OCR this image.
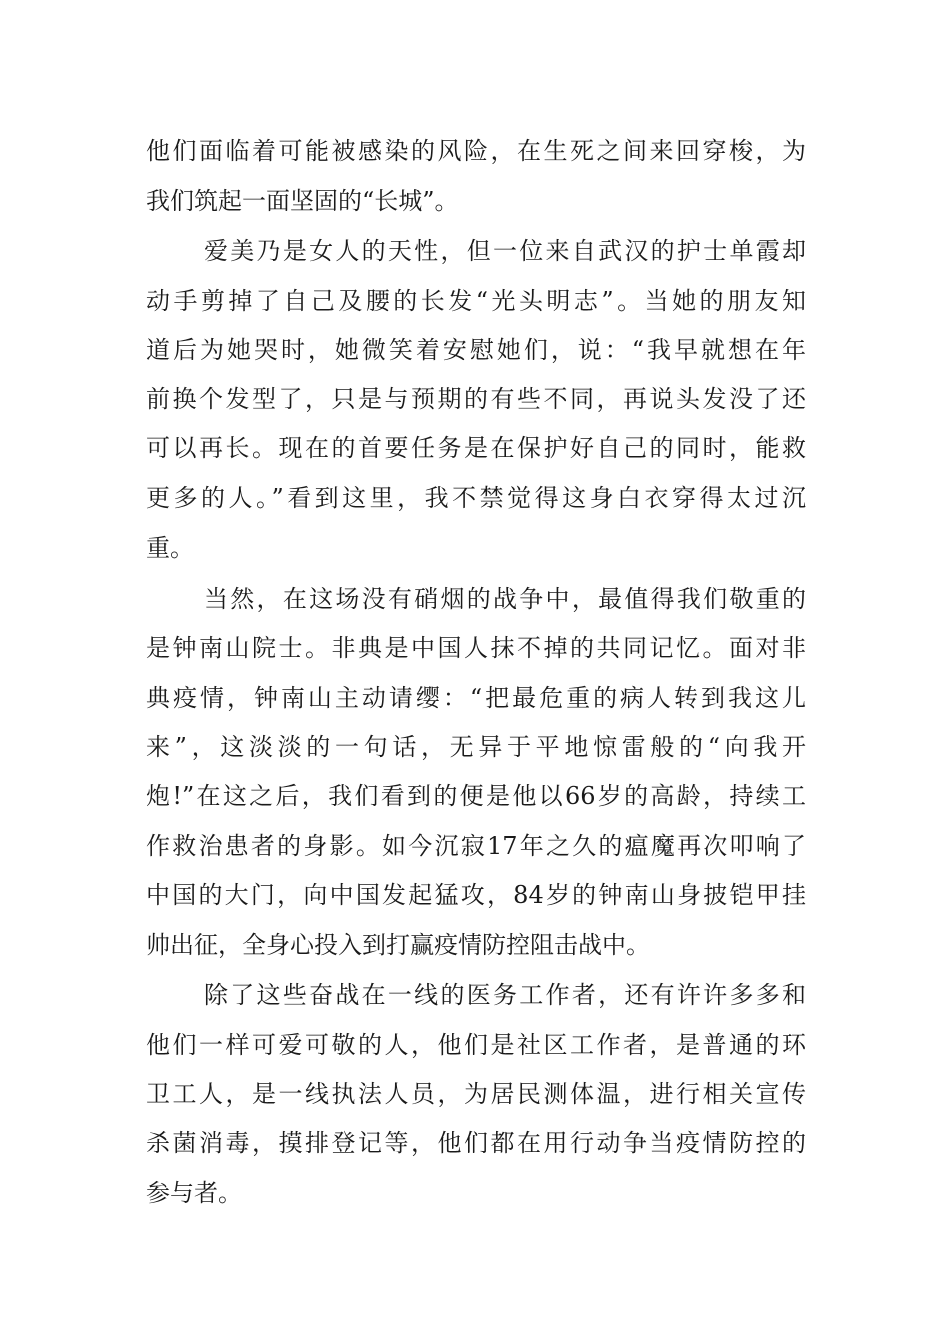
他们面临着可能被感染的风险，在生死之间来回穿梭，为
我们筑起一面坚固的“长城”。
爱美乃是女人的天性，但一位来自武汉的护士单霞却
动手剪掉了自己及腰的长发“光头明志”。当她的朋友知
道后为她哭时，她微笑着安慰她们，说：“我早就想在年
前换个发型了，只是与预期的有些不同，再说头发没了还
可以再长。现在的首要任务是在保护好自己的同时，能救
更多的人。”看到这里，我不禁觉得这身白衣穿得太过沉
重。
当然，在这场没有硝烟的战争中，最值得我们敬重的
是钟南山院士。非典是中国人抹不掉的共同记忆。面对非
典疫情，钟南山主动请缨：“把最危重的病人转到我这儿
来”，这淡淡的一句话，无异于平地惊雷般的“向我开
炮!”在这之后，我们看到的便是他以66岁的高龄，持续工
作救治患者的身影。如今沉寂17年之久的瘟魔再次叩响了
中国的大门，向中国发起猛攻，84岁的钟南山身披铠甲挂
帅出征，全身心投入到打赢疫情防控阻击战中。
除了这些奋战在一线的医务工作者，还有许许多多和
他们一样可爱可敬的人，他们是社区工作者，是普通的环
卫工人，是一线执法人员，为居民测体温，进行相关宣传
杀菌消毒，摸排登记等，他们都在用行动争当疫情防控的
参与者。
